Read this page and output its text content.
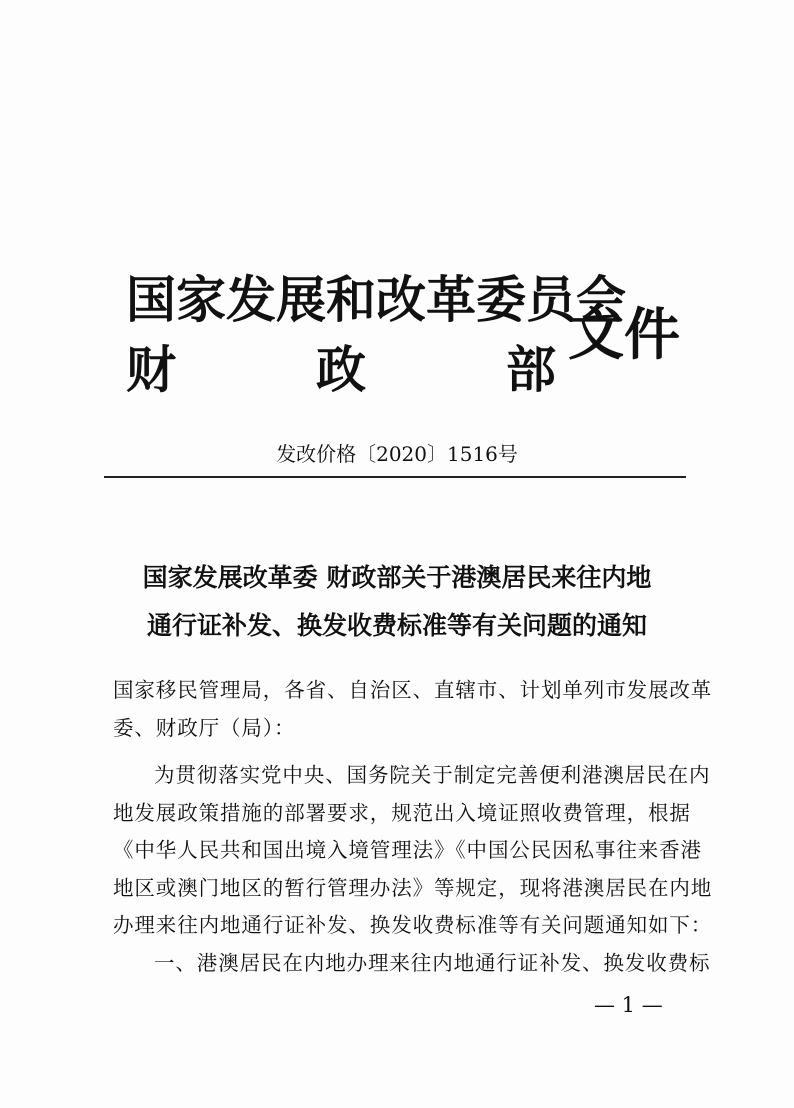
国家发展和改革委员会
财	政	部
文件
发改价格〔2020〕1516号
国家发展改革委 财政部关于港澳居民来往内地
通行证补发、换发收费标准等有关问题的通知
国家移民管理局，各省、自治区、直辖市、计划单列市发展改革
委、财政厅（局）：
为贯彻落实党中央、国务院关于制定完善便利港澳居民在内
地发展政策措施的部署要求，规范出入境证照收费管理，根据
《中华人民共和国出境入境管理法》《中国公民因私事往来香港
地区或澳门地区的暂行管理办法》等规定，现将港澳居民在内地
办理来往内地通行证补发、换发收费标准等有关问题通知如下：
一、港澳居民在内地办理来往内地通行证补发、换发收费标
— 1 —
